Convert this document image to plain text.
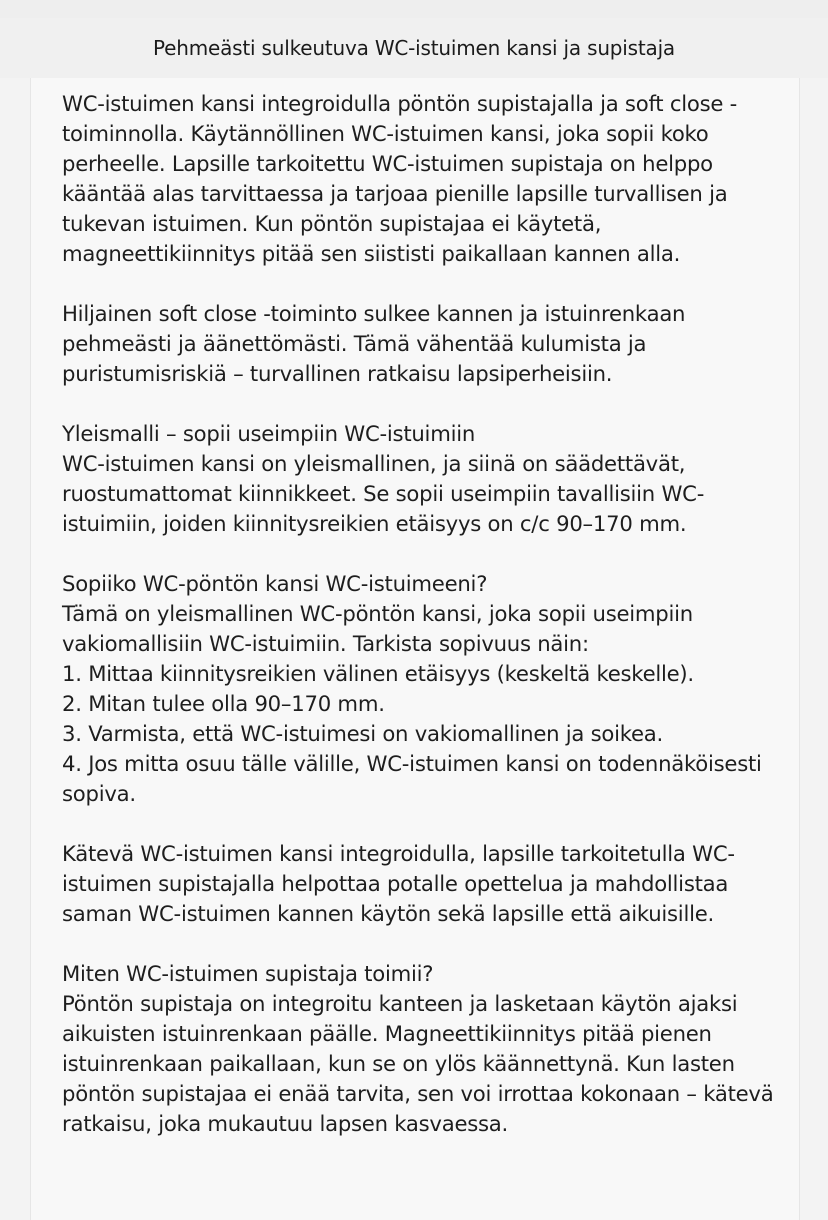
Pehmeästi sulkeutuva WC-istuimen kansi ja supistaja

WC-istuimen kansi integroidulla pöntön supistajalla ja soft close -toiminnolla. Käytännöllinen WC-istuimen kansi, joka sopii koko perheelle. Lapsille tarkoitettu WC-istuimen supistaja on helppo kääntää alas tarvittaessa ja tarjoaa pienille lapsille turvallisen ja tukevan istuimen. Kun pöntön supistajaa ei käytetä, magneettikiinnitys pitää sen siististi paikallaan kannen alla.

Hiljainen soft close -toiminto sulkee kannen ja istuinrenkaan pehmeästi ja äänettömästi. Tämä vähentää kulumista ja puristumisriskiä – turvallinen ratkaisu lapsiperheisiin.

Yleismalli – sopii useimpiin WC-istuimiin
WC-istuimen kansi on yleismallinen, ja siinä on säädettävät, ruostumattomat kiinnikkeet. Se sopii useimpiin tavallisiin WC-istuimiin, joiden kiinnitysreikien etäisyys on c/c 90–170 mm.

Sopiiko WC-pöntön kansi WC-istuimeeni?
Tämä on yleismallinen WC-pöntön kansi, joka sopii useimpiin vakiomallisiin WC-istuimiin. Tarkista sopivuus näin:
1. Mittaa kiinnitysreikien välinen etäisyys (keskeltä keskelle).
2. Mitan tulee olla 90–170 mm.
3. Varmista, että WC-istuimesi on vakiomallinen ja soikea.
4. Jos mitta osuu tälle välille, WC-istuimen kansi on todennäköisesti sopiva.

Kätevä WC-istuimen kansi integroidulla, lapsille tarkoitetulla WC-istuimen supistajalla helpottaa potalle opettelua ja mahdollistaa saman WC-istuimen kannen käytön sekä lapsille että aikuisille.

Miten WC-istuimen supistaja toimii?
Pöntön supistaja on integroitu kanteen ja lasketaan käytön ajaksi aikuisten istuinrenkaan päälle. Magneettikiinnitys pitää pienen istuinrenkaan paikallaan, kun se on ylös käännettynä. Kun lasten pöntön supistajaa ei enää tarvita, sen voi irrottaa kokonaan – kätevä ratkaisu, joka mukautuu lapsen kasvaessa.
